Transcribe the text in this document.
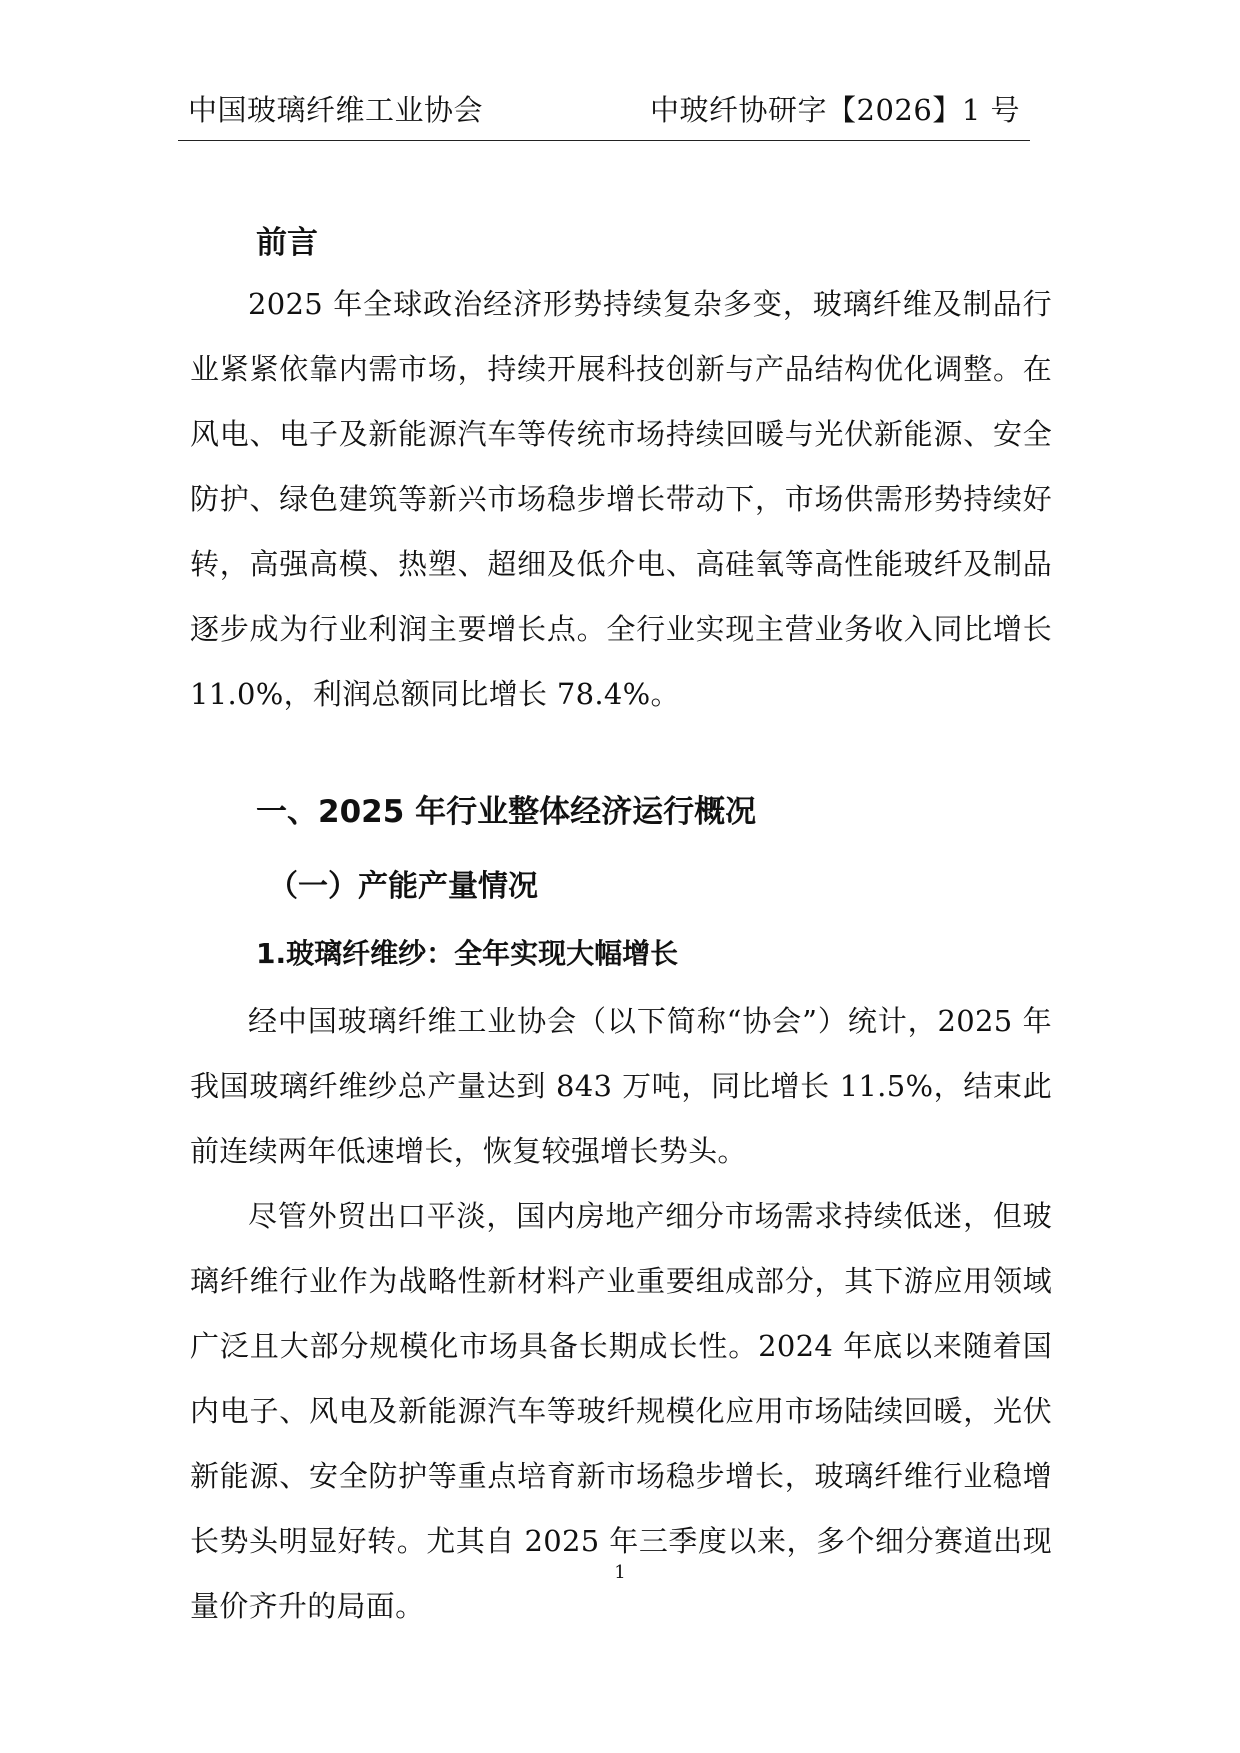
中国玻璃纤维工业协会	中玻纤协研字【2026】1 号
前言

2025 年全球政治经济形势持续复杂多变，玻璃纤维及制品行业紧紧依靠内需市场，持续开展科技创新与产品结构优化调整。在风电、电子及新能源汽车等传统市场持续回暖与光伏新能源、安全防护、绿色建筑等新兴市场稳步增长带动下，市场供需形势持续好转，高强高模、热塑、超细及低介电、高硅氧等高性能玻纤及制品逐步成为行业利润主要增长点。全行业实现主营业务收入同比增长 11.0%，利润总额同比增长 78.4%。

一、2025 年行业整体经济运行概况
（一）产能产量情况
1.玻璃纤维纱：全年实现大幅增长

经中国玻璃纤维工业协会（以下简称“协会”）统计，2025 年我国玻璃纤维纱总产量达到 843 万吨，同比增长 11.5%，结束此前连续两年低速增长，恢复较强增长势头。

尽管外贸出口平淡，国内房地产细分市场需求持续低迷，但玻璃纤维行业作为战略性新材料产业重要组成部分，其下游应用领域广泛且大部分规模化市场具备长期成长性。2024 年底以来随着国内电子、风电及新能源汽车等玻纤规模化应用市场陆续回暖，光伏新能源、安全防护等重点培育新市场稳步增长，玻璃纤维行业稳增长势头明显好转。尤其自 2025 年三季度以来，多个细分赛道出现量价齐升的局面。

1
